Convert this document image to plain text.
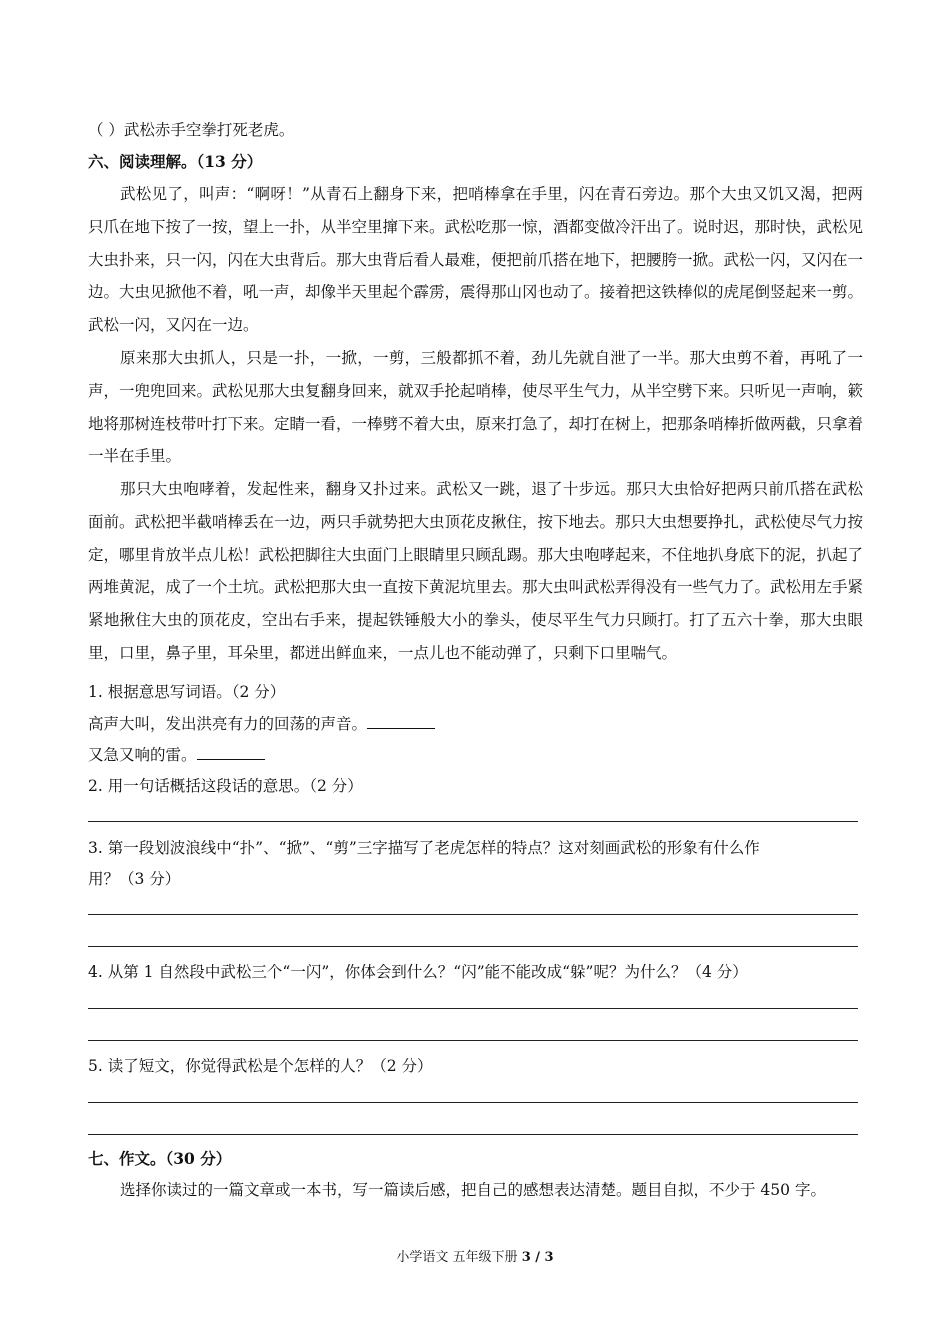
（ ）武松赤手空拳打死老虎。
六、阅读理解。（13 分）
武松见了，叫声：“啊呀！”从青石上翻身下来，把哨棒拿在手里，闪在青石旁边。那个大虫又饥又渴，把两只爪在地下按了一按，望上一扑，从半空里撺下来。武松吃那一惊，酒都变做冷汗出了。说时迟，那时快，武松见大虫扑来，只一闪，闪在大虫背后。那大虫背后看人最难，便把前爪搭在地下，把腰胯一掀。武松一闪，又闪在一边。大虫见掀他不着，吼一声，却像半天里起个霹雳，震得那山冈也动了。接着把这铁棒似的虎尾倒竖起来一剪。武松一闪，又闪在一边。
原来那大虫抓人，只是一扑，一掀，一剪，三般都抓不着，劲儿先就自泄了一半。那大虫剪不着，再吼了一声，一兜兜回来。武松见那大虫复翻身回来，就双手抡起哨棒，使尽平生气力，从半空劈下来。只听见一声响，簌地将那树连枝带叶打下来。定睛一看，一棒劈不着大虫，原来打急了，却打在树上，把那条哨棒折做两截，只拿着一半在手里。
那只大虫咆哮着，发起性来，翻身又扑过来。武松又一跳，退了十步远。那只大虫恰好把两只前爪搭在武松面前。武松把半截哨棒丢在一边，两只手就势把大虫顶花皮揪住，按下地去。那只大虫想要挣扎，武松使尽气力按定，哪里肯放半点儿松！武松把脚往大虫面门上眼睛里只顾乱踢。那大虫咆哮起来，不住地扒身底下的泥，扒起了两堆黄泥，成了一个土坑。武松把那大虫一直按下黄泥坑里去。那大虫叫武松弄得没有一些气力了。武松用左手紧紧地揪住大虫的顶花皮，空出右手来，提起铁锤般大小的拳头，使尽平生气力只顾打。打了五六十拳，那大虫眼里，口里，鼻子里，耳朵里，都迸出鲜血来，一点儿也不能动弹了，只剩下口里喘气。
1. 根据意思写词语。（2 分）
高声大叫，发出洪亮有力的回荡的声音。
又急又响的雷。
2. 用一句话概括这段话的意思。（2 分）
3. 第一段划波浪线中“扑”、“掀”、“剪”三字描写了老虎怎样的特点？这对刻画武松的形象有什么作
用？（3 分）
4. 从第 1 自然段中武松三个“一闪”，你体会到什么？“闪”能不能改成“躲”呢？为什么？（4 分）
5. 读了短文，你觉得武松是个怎样的人？（2 分）
七、作文。（30 分）
选择你读过的一篇文章或一本书，写一篇读后感，把自己的感想表达清楚。题目自拟，不少于 450 字。
小学语文 五年级下册 3 / 3
